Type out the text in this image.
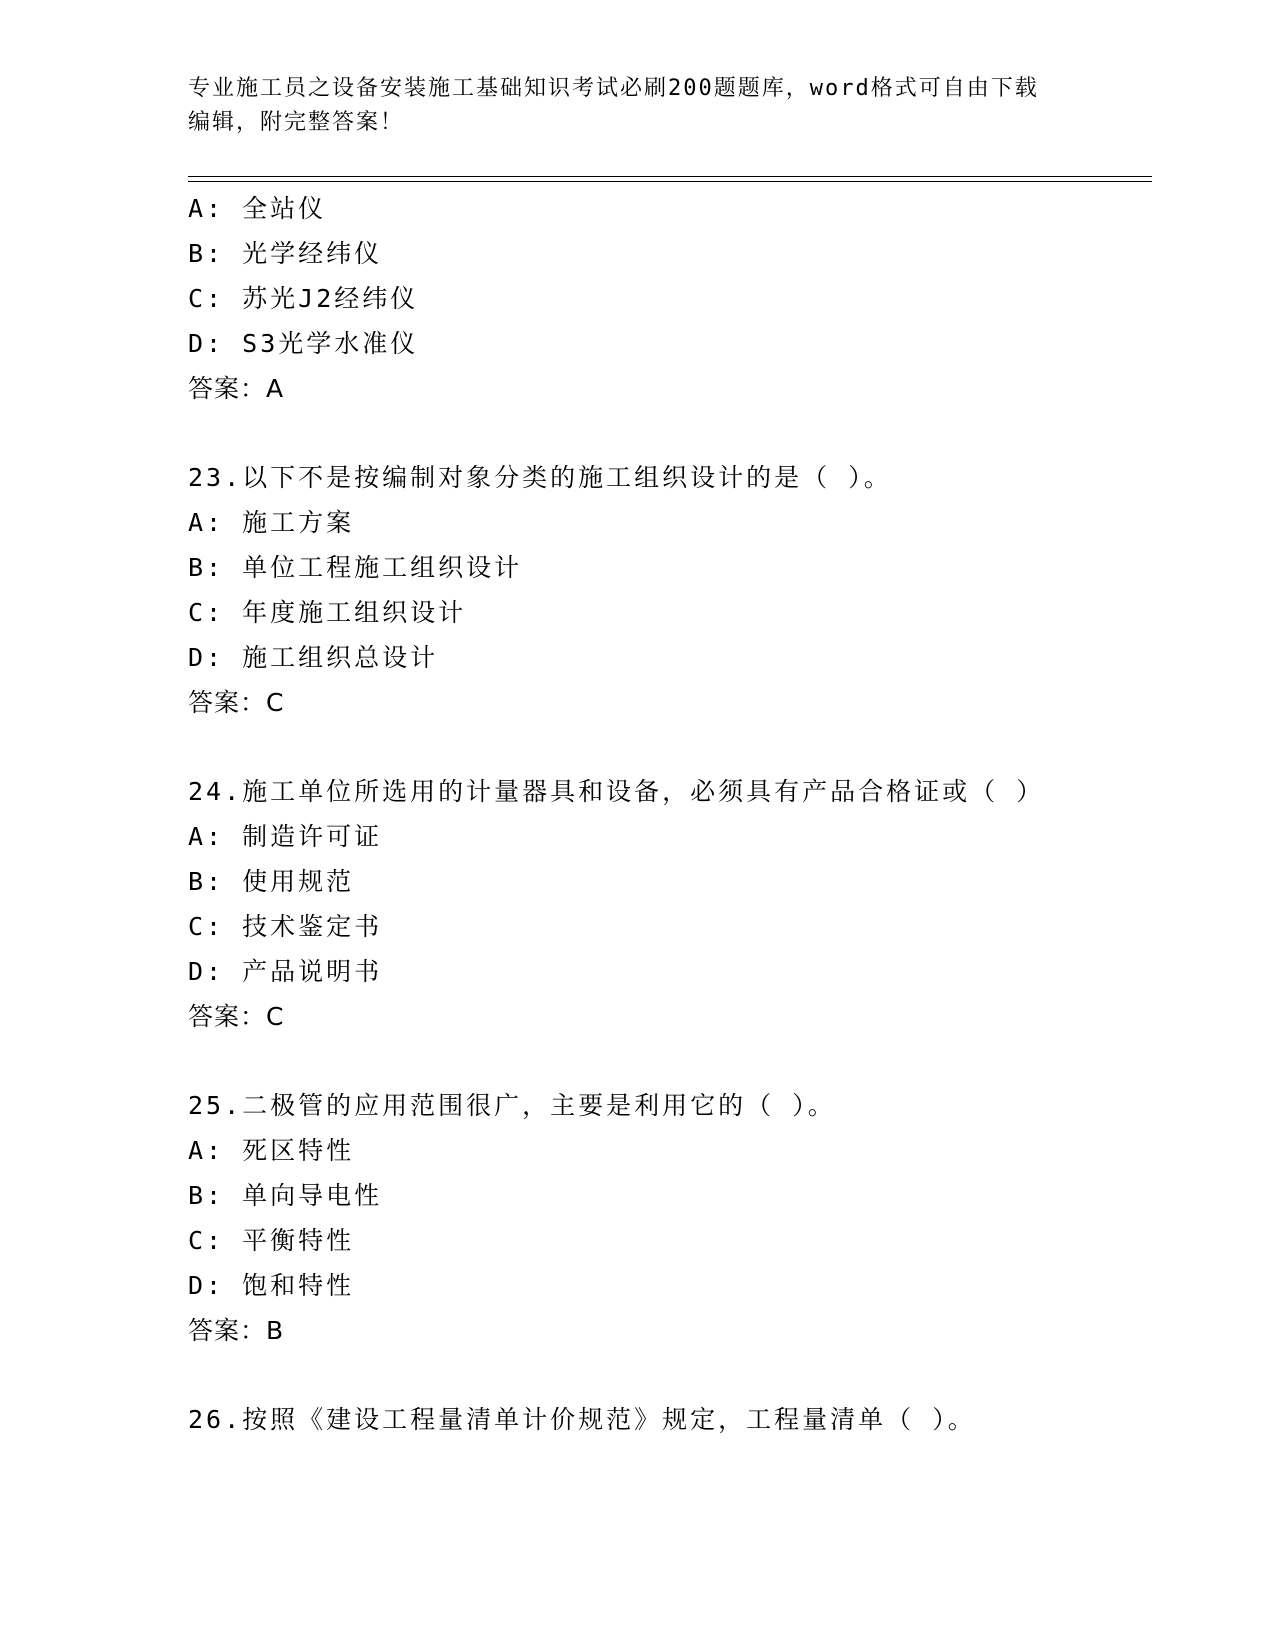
专业施工员之设备安装施工基础知识考试必刷200题题库，word格式可自由下载
编辑，附完整答案！
A: 全站仪
B: 光学经纬仪
C: 苏光J2经纬仪
D: S3光学水准仪
答案：A
23.以下不是按编制对象分类的施工组织设计的是（ ）。
A: 施工方案
B: 单位工程施工组织设计
C: 年度施工组织设计
D: 施工组织总设计
答案：C
24.施工单位所选用的计量器具和设备，必须具有产品合格证或（ ）
A: 制造许可证
B: 使用规范
C: 技术鉴定书
D: 产品说明书
答案：C
25.二极管的应用范围很广，主要是利用它的（ ）。
A: 死区特性
B: 单向导电性
C: 平衡特性
D: 饱和特性
答案：B
26.按照《建设工程量清单计价规范》规定，工程量清单（ ）。
